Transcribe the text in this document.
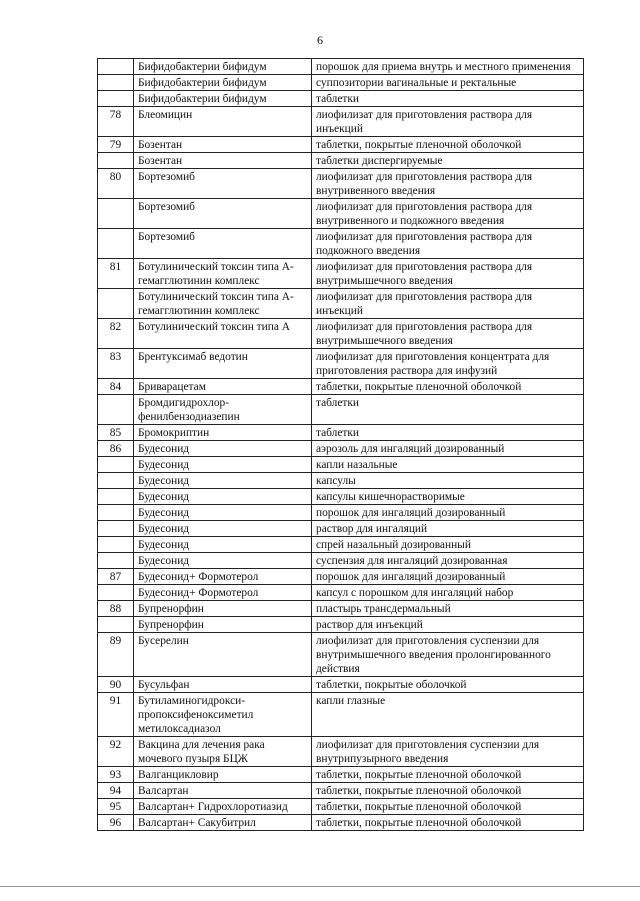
6
	Бифидобактерии бифидум	порошок для приема внутрь и местного применения
	Бифидобактерии бифидум	суппозитории вагинальные и ректальные
	Бифидобактерии бифидум	таблетки
78	Блеомицин	лиофилизат для приготовления раствора для инъекций
79	Бозентан	таблетки, покрытые пленочной оболочкой
	Бозентан	таблетки диспергируемые
80	Бортезомиб	лиофилизат для приготовления раствора для внутривенного введения
	Бортезомиб	лиофилизат для приготовления раствора для внутривенного и подкожного введения
	Бортезомиб	лиофилизат для приготовления раствора для подкожного введения
81	Ботулинический токсин типа А-гемагглютинин комплекс	лиофилизат для приготовления раствора для внутримышечного введения
	Ботулинический токсин типа А-гемагглютинин комплекс	лиофилизат для приготовления раствора для инъекций
82	Ботулинический токсин типа А	лиофилизат для приготовления раствора для внутримышечного введения
83	Брентуксимаб ведотин	лиофилизат для приготовления концентрата для приготовления раствора для инфузий
84	Бриварацетам	таблетки, покрытые пленочной оболочкой
	Бромдигидрохлор-фенилбензодиазепин	таблетки
85	Бромокриптин	таблетки
86	Будесонид	аэрозоль для ингаляций дозированный
	Будесонид	капли назальные
	Будесонид	капсулы
	Будесонид	капсулы кишечнорастворимые
	Будесонид	порошок для ингаляций дозированный
	Будесонид	раствор для ингаляций
	Будесонид	спрей назальный дозированный
	Будесонид	суспензия для ингаляций дозированная
87	Будесонид+ Формотерол	порошок для ингаляций дозированный
	Будесонид+ Формотерол	капсул с порошком для ингаляций набор
88	Бупренорфин	пластырь трансдермальный
	Бупренорфин	раствор для инъекций
89	Бусерелин	лиофилизат для приготовления суспензии для внутримышечного введения пролонгированного действия
90	Бусульфан	таблетки, покрытые оболочкой
91	Бутиламиногидрокси-пропоксифеноксиметил метилоксадиазол	капли глазные
92	Вакцина для лечения рака мочевого пузыря БЦЖ	лиофилизат для приготовления суспензии для внутрипузырного введения
93	Валганцикловир	таблетки, покрытые пленочной оболочкой
94	Валсартан	таблетки, покрытые пленочной оболочкой
95	Валсартан+ Гидрохлоротиазид	таблетки, покрытые пленочной оболочкой
96	Валсартан+ Сакубитрил	таблетки, покрытые пленочной оболочкой
